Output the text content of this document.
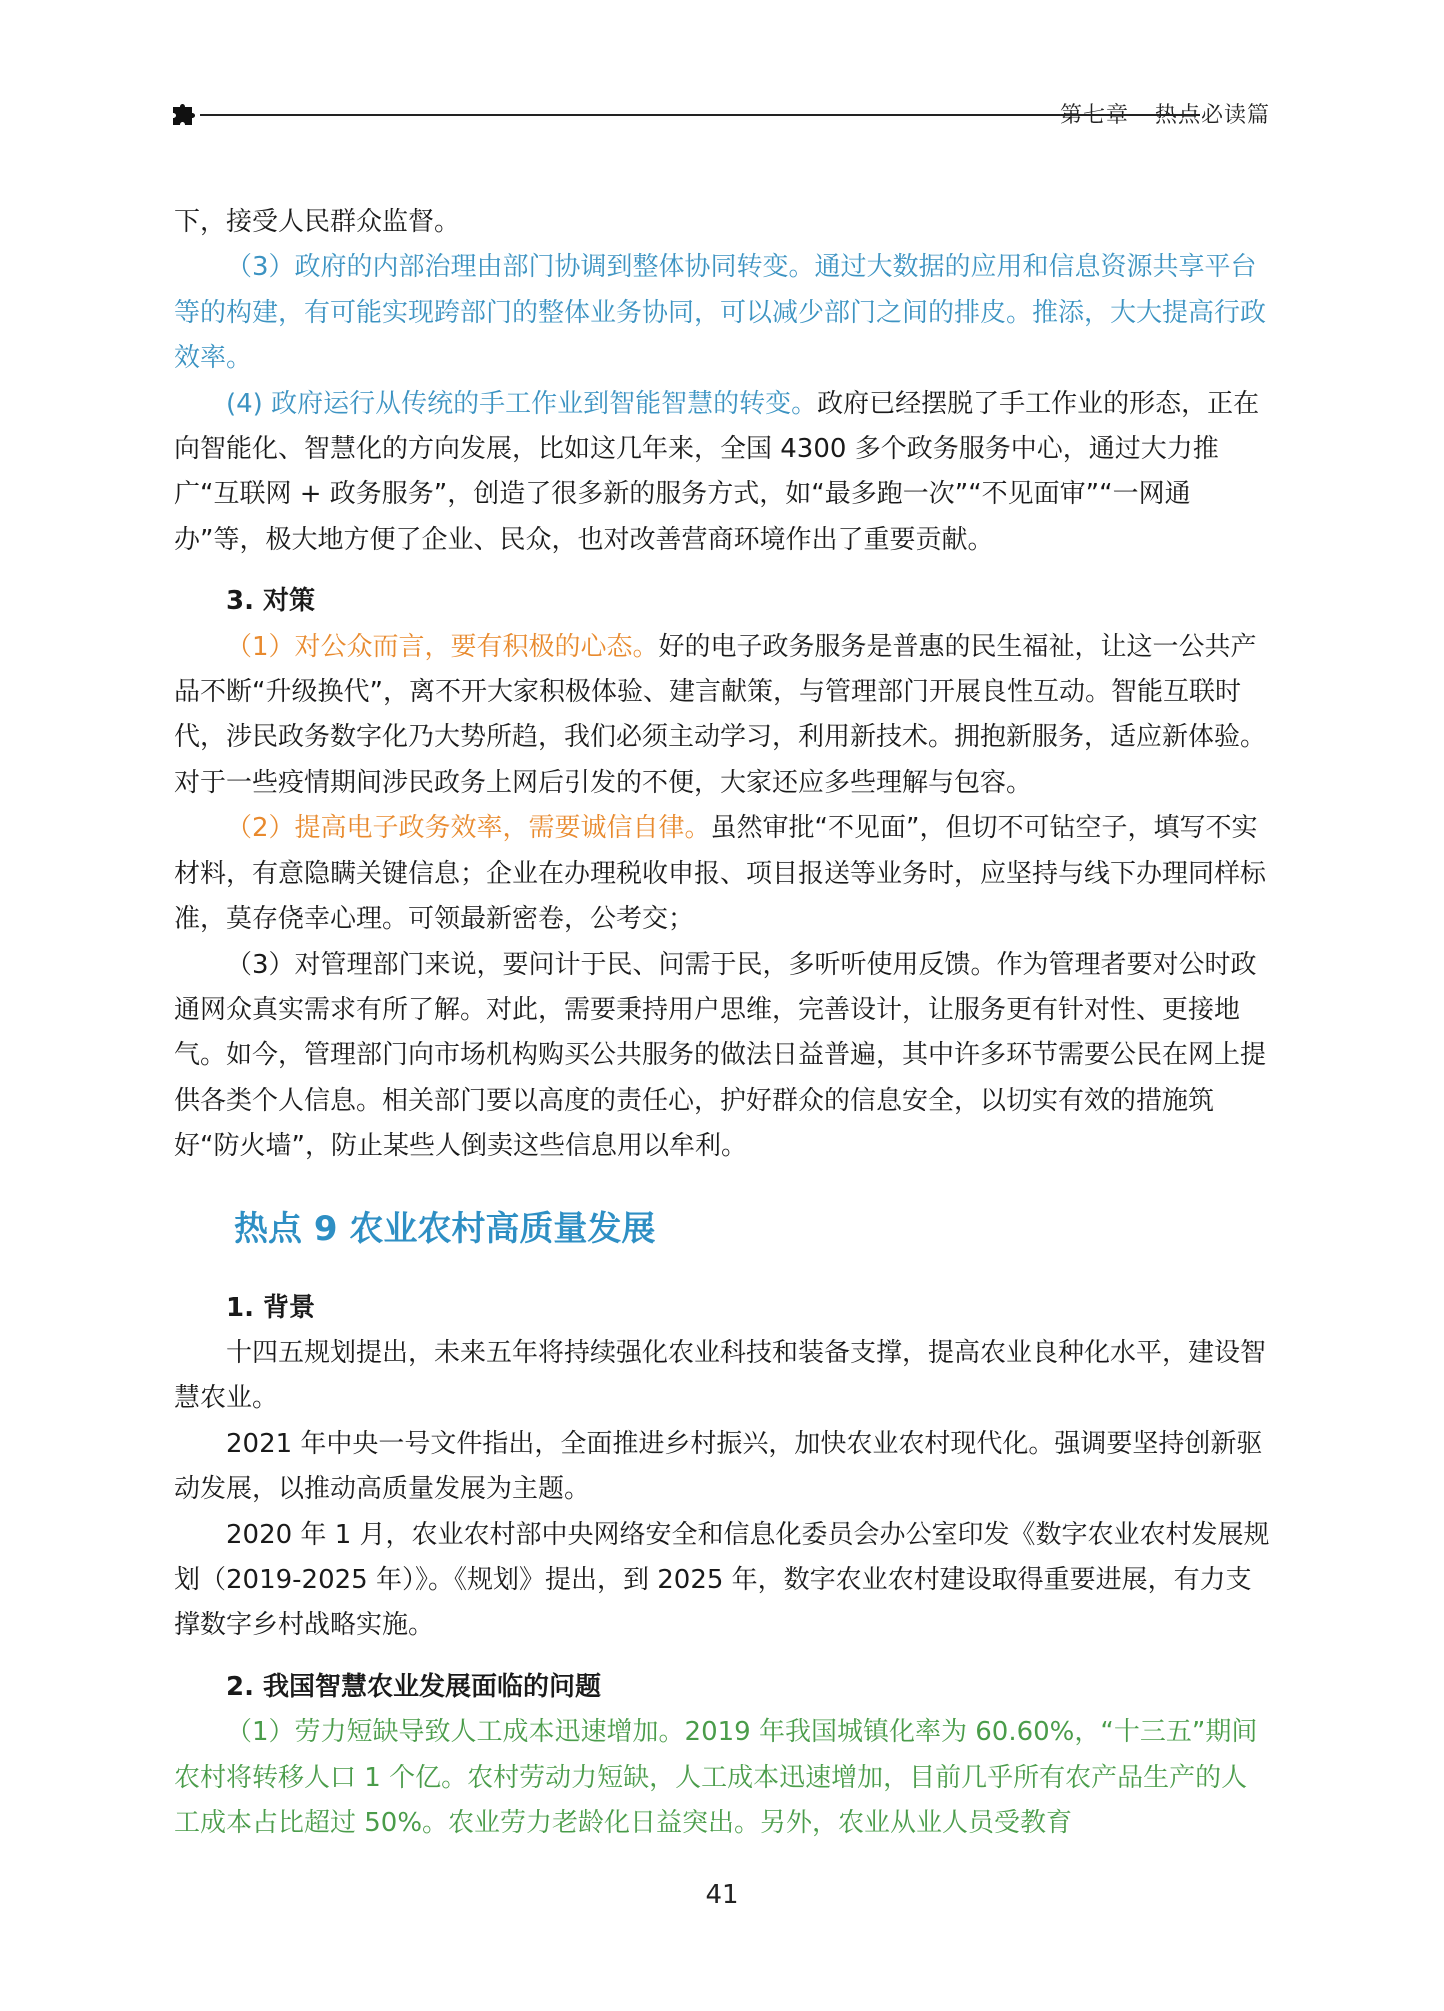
第七章 热点必读篇

下，接受人民群众监督。

（3）政府的内部治理由部门协调到整体协同转变。通过大数据的应用和信息资源共享平台等的构建，有可能实现跨部门的整体业务协同，可以减少部门之间的排皮。推添，大大提高行政效率。

(4) 政府运行从传统的手工作业到智能智慧的转变。政府已经摆脱了手工作业的形态，正在向智能化、智慧化的方向发展，比如这几年来，全国 4300 多个政务服务中心，通过大力推广“互联网 + 政务服务”，创造了很多新的服务方式，如“最多跑一次”“不见面审”“一网通办”等，极大地方便了企业、民众，也对改善营商环境作出了重要贡献。

3. 对策

（1）对公众而言，要有积极的心态。好的电子政务服务是普惠的民生福祉，让这一公共产品不断“升级换代”，离不开大家积极体验、建言献策，与管理部门开展良性互动。智能互联时代，涉民政务数字化乃大势所趋，我们必须主动学习，利用新技术。拥抱新服务，适应新体验。对于一些疫情期间涉民政务上网后引发的不便，大家还应多些理解与包容。

（2）提高电子政务效率，需要诚信自律。虽然审批“不见面”，但切不可钻空子，填写不实材料，有意隐瞒关键信息；企业在办理税收申报、项目报送等业务时，应坚持与线下办理同样标准，莫存侥幸心理。可领最新密卷，公考交；

（3）对管理部门来说，要问计于民、问需于民，多听听使用反馈。作为管理者要对公时政通网众真实需求有所了解。对此，需要秉持用户思维，完善设计，让服务更有针对性、更接地气。如今，管理部门向市场机构购买公共服务的做法日益普遍，其中许多环节需要公民在网上提供各类个人信息。相关部门要以高度的责任心，护好群众的信息安全，以切实有效的措施筑好“防火墙”，防止某些人倒卖这些信息用以牟利。

热点 9 农业农村高质量发展

1. 背景

十四五规划提出，未来五年将持续强化农业科技和装备支撑，提高农业良种化水平，建设智慧农业。

2021 年中央一号文件指出，全面推进乡村振兴，加快农业农村现代化。强调要坚持创新驱动发展，以推动高质量发展为主题。

2020 年 1 月，农业农村部中央网络安全和信息化委员会办公室印发《数字农业农村发展规划（2019-2025 年）》。《规划》提出，到 2025 年，数字农业农村建设取得重要进展，有力支撑数字乡村战略实施。

2. 我国智慧农业发展面临的问题

（1）劳力短缺导致人工成本迅速增加。2019 年我国城镇化率为 60.60%，“十三五”期间农村将转移人口 1 个亿。农村劳动力短缺，人工成本迅速增加，目前几乎所有农产品生产的人工成本占比超过 50%。农业劳力老龄化日益突出。另外，农业从业人员受教育

41
